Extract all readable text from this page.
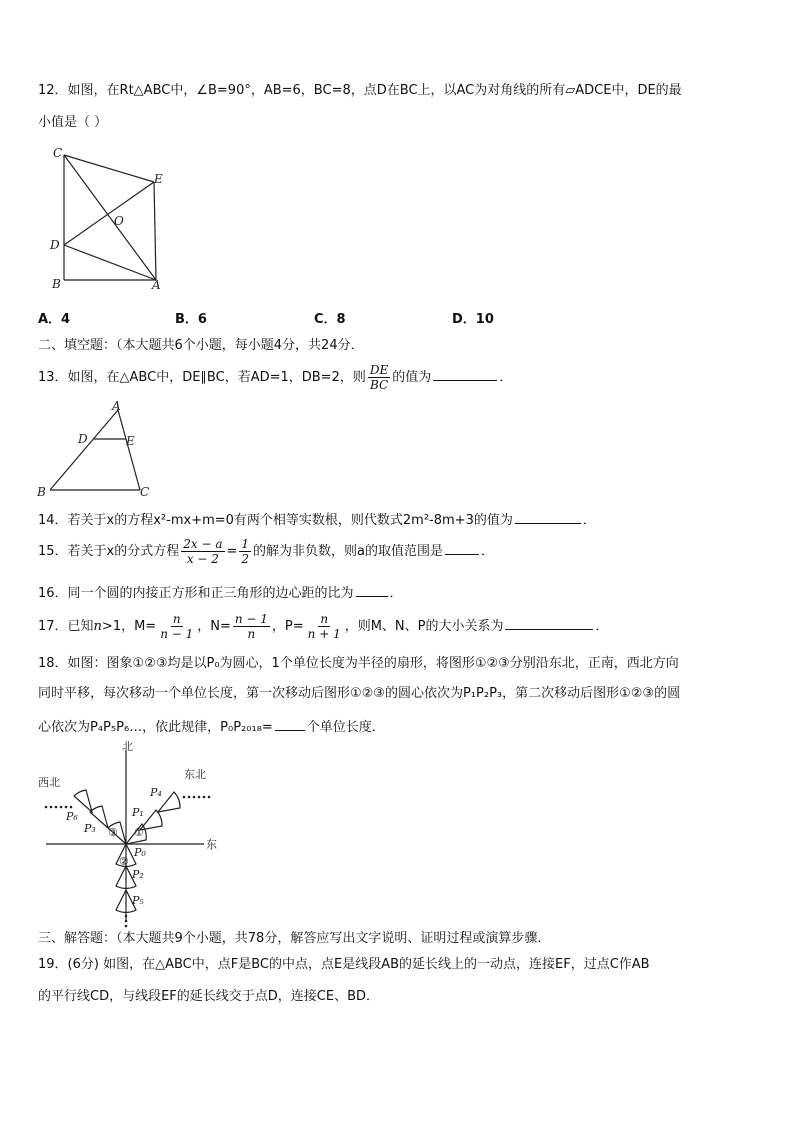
12．如图，在Rt△ABC中，∠B=90°，AB=6，BC=8，点D在BC上，以AC为对角线的所有▱ADCE中，DE的最
小值是（ ）
C
E
O
D
B	A
A．4	B．6	C．8	D．10
二、填空题：（本大题共6个小题，每小题4分，共24分．
13．如图，在△ABC中，DE∥BC，若AD=1，DB=2，则 $\frac{DE}{BC}$ 的值为	．
A
D	E
B	C
14．若关于x的方程x²-mx+m=0有两个相等实数根，则代数式2m²-8m+3的值为	．
15．若关于x的分式方程 $\frac{2x - a}{x - 2} = \frac{1}{2}$ 的解为非负数，则a的取值范围是	．
16．同一个圆的内接正方形和正三角形的边心距的比为	．
17．已知n>1，$M= \frac{n}{n - 1}$ ，$N= \frac{n - 1}{n}$ ，$P= \frac{n}{n + 1}$ ，则M、N、P的大小关系为	．
18．如图：图象①②③均是以P₀为圆心，1个单位长度为半径的扇形，将图形①②③分别沿东北，正南，西北方向
同时平移，每次移动一个单位长度，第一次移动后图形①②③的圆心依次为P₁P₂P₃，第二次移动后图形①②③的圆
心依次为P₄P₅P₆…，依此规律，P₀P₂₀₁₈=	个单位长度．
北
东
东北
西北
P₀
P₁
P₂
P₃
P₄
P₅
P₆
①
②
③
三、解答题：（本大题共9个小题，共78分，解答应写出文字说明、证明过程或演算步骤．
19．(6分) 如图，在△ABC中，点F是BC的中点，点E是线段AB的延长线上的一动点，连接EF，过点C作AB
的平行线CD，与线段EF的延长线交于点D，连接CE、BD．
